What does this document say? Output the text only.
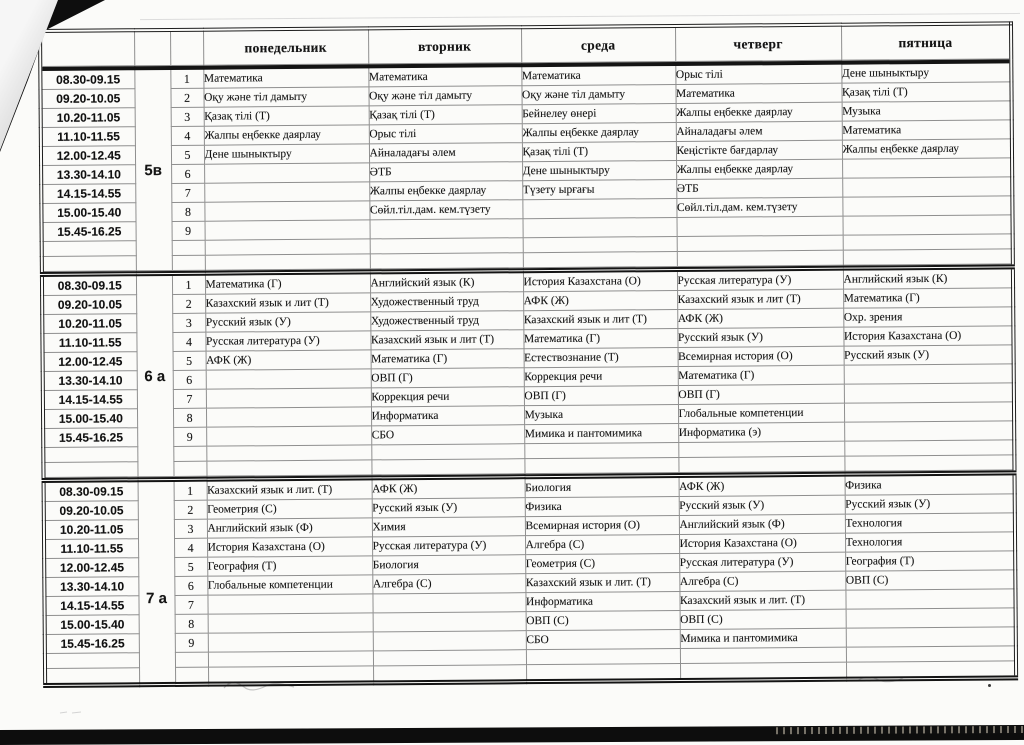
			понедельник	вторник	среда	четверг	пятница
08.30-09.15	5в	1	Математика	Математика	Математика	Орыс тілі	Дене шыныктыру
09.20-10.05		2	Оқу және тіл дамыту	Оқу және тіл дамыту	Оқу және тіл дамыту	Математика	Қазақ тілі (Т)
10.20-11.05		3	Қазақ тілі (Т)	Қазақ тілі (Т)	Бейнелеу өнері	Жалпы еңбекке даярлау	Музыка
11.10-11.55		4	Жалпы еңбекке даярлау	Орыс тілі	Жалпы еңбекке даярлау	Айналадағы әлем	Математика
12.00-12.45		5	Дене шыныктыру	Айналадағы әлем	Қазақ тілі (Т)	Кеңістікте бағдарлау	Жалпы еңбекке даярлау
13.30-14.10		6		ӘТБ	Дене шыныктыру	Жалпы еңбекке даярлау	
14.15-14.55		7		Жалпы еңбекке даярлау	Түзету ырғағы	ӘТБ	
15.00-15.40		8		Сөйл.тіл.дам. кем.түзету		Сөйл.тіл.дам. кем.түзету	
15.45-16.25		9					

08.30-09.15	6 а	1	Математика (Г)	Английский язык (К)	История Казахстана (О)	Русская литература (У)	Английский язык (К)
09.20-10.05		2	Казахский язык и лит (Т)	Художественный труд	АФК (Ж)	Казахский язык и лит (Т)	Математика (Г)
10.20-11.05		3	Русский язык (У)	Художественный труд	Казахский язык и лит (Т)	АФК (Ж)	Охр. зрения
11.10-11.55		4	Русская литература (У)	Казахский язык и лит (Т)	Математика (Г)	Русский язык (У)	История Казахстана (О)
12.00-12.45		5	АФК (Ж)	Математика (Г)	Естествознание (Т)	Всемирная история (О)	Русский язык (У)
13.30-14.10		6		ОВП (Г)	Коррекция речи	Математика (Г)	
14.15-14.55		7		Коррекция речи	ОВП (Г)	ОВП (Г)	
15.00-15.40		8		Информатика	Музыка	Глобальные компетенции	
15.45-16.25		9		СБО	Мимика и пантомимика	Информатика (э)	

08.30-09.15	7 а	1	Казахский язык и лит. (Т)	АФК (Ж)	Биология	АФК (Ж)	Физика
09.20-10.05		2	Геометрия (С)	Русский язык (У)	Физика	Русский язык (У)	Русский язык (У)
10.20-11.05		3	Английский язык (Ф)	Химия	Всемирная история (О)	Английский язык (Ф)	Технология
11.10-11.55		4	История Казахстана (О)	Русская литература (У)	Алгебра (С)	История Казахстана (О)	Технология
12.00-12.45		5	География (Т)	Биология	Геометрия (С)	Русская литература (У)	География (Т)
13.30-14.10		6	Глобальные компетенции	Алгебра (С)	Казахский язык и лит. (Т)	Алгебра (С)	ОВП (С)
14.15-14.55		7			Информатика	Казахский язык и лит. (Т)	
15.00-15.40		8			ОВП (С)	ОВП (С)	
15.45-16.25		9			СБО	Мимика и пантомимика	
